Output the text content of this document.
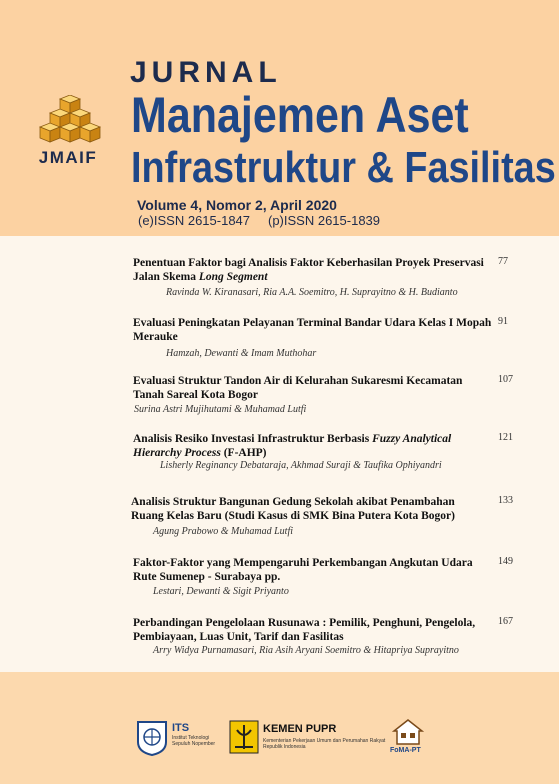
JMAIF
JURNAL
Manajemen Aset
Infrastruktur & Fasilitas
Volume 4, Nomor 2, April 2020
(e)ISSN 2615-1847 (p)ISSN 2615-1839
Penentuan Faktor bagi Analisis Faktor Keberhasilan Proyek Preservasi Jalan Skema Long Segment
Ravinda W. Kiranasari, Ria A.A. Soemitro, H. Suprayitno & H. Budianto
77
Evaluasi Peningkatan Pelayanan Terminal Bandar Udara Kelas I Mopah Merauke
Hamzah, Dewanti & Imam Muthohar
91
Evaluasi Struktur Tandon Air di Kelurahan Sukaresmi Kecamatan Tanah Sareal Kota Bogor
Surina Astri Mujihutami & Muhamad Lutfi
107
Analisis Resiko Investasi Infrastruktur Berbasis Fuzzy Analytical Hierarchy Process (F-AHP)
Lisherly Reginancy Debataraja, Akhmad Suraji & Taufika Ophiyandri
121
Analisis Struktur Bangunan Gedung Sekolah akibat Penambahan Ruang Kelas Baru (Studi Kasus di SMK Bina Putera Kota Bogor)
Agung Prabowo & Muhamad Lutfi
133
Faktor-Faktor yang Mempengaruhi Perkembangan Angkutan Udara Rute Sumenep - Surabaya pp.
Lestari, Dewanti & Sigit Priyanto
149
Perbandingan Pengelolaan Rusunawa : Pemilik, Penghuni, Pengelola, Pembiayaan, Luas Unit, Tarif dan Fasilitas
Arry Widya Purnamasari, Ria Asih Aryani Soemitro & Hitapriya Suprayitno
167
ITS
Institut Teknologi Sepuluh Nopember
KEMEN PUPR
Kementerian Pekerjaan Umum dan Perumahan Rakyat Republik Indonesia	FoMA-PT
